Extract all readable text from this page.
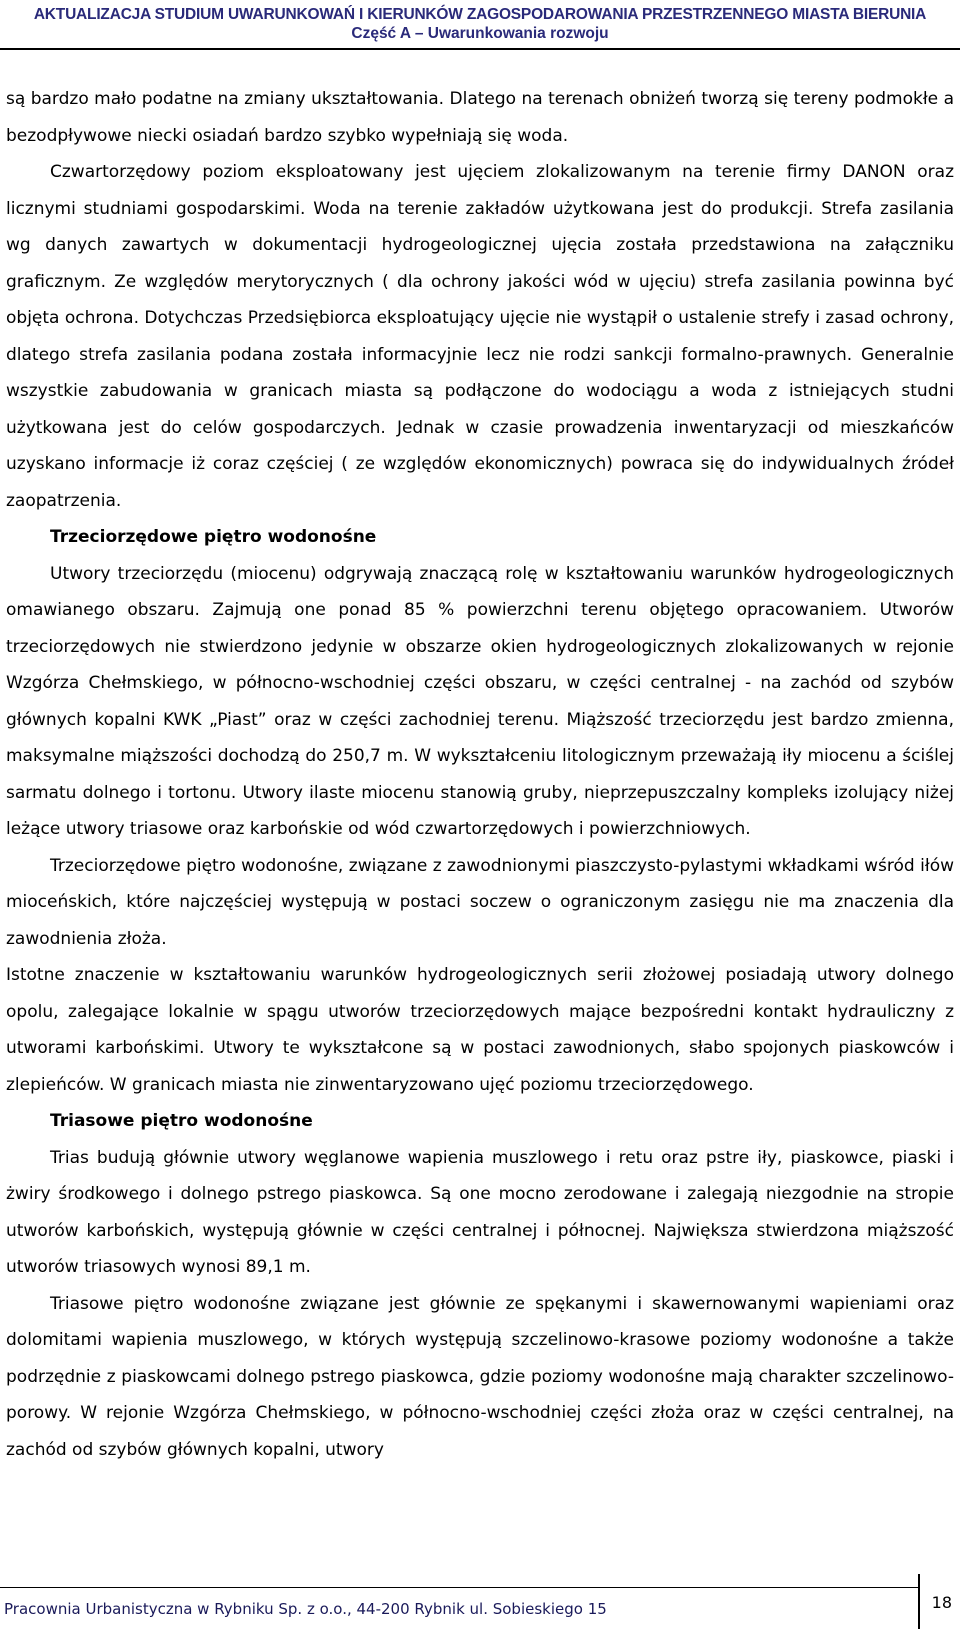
AKTUALIZACJA STUDIUM UWARUNKOWAŃ I KIERUNKÓW ZAGOSPODAROWANIA PRZESTRZENNEGO MIASTA BIERUNIA
Część A – Uwarunkowania rozwoju

są bardzo mało podatne na zmiany ukształtowania. Dlatego na terenach obniżeń tworzą się tereny podmokłe a bezodpływowe niecki osiadań bardzo szybko wypełniają się woda.

Czwartorzędowy poziom eksploatowany jest ujęciem zlokalizowanym na terenie firmy DANON oraz licznymi studniami gospodarskimi. Woda na terenie zakładów użytkowana jest do produkcji. Strefa zasilania wg danych zawartych w dokumentacji hydrogeologicznej ujęcia została przedstawiona na załączniku graficznym. Ze względów merytorycznych ( dla ochrony jakości wód w ujęciu) strefa zasilania powinna być objęta ochrona. Dotychczas Przedsiębiorca eksploatujący ujęcie nie wystąpił o ustalenie strefy i zasad ochrony, dlatego strefa zasilania podana została informacyjnie lecz nie rodzi sankcji formalno-prawnych. Generalnie wszystkie zabudowania w granicach miasta są podłączone do wodociągu a woda z istniejących studni użytkowana jest do celów gospodarczych. Jednak w czasie prowadzenia inwentaryzacji od mieszkańców uzyskano informacje iż coraz częściej ( ze względów ekonomicznych) powraca się do indywidualnych źródeł zaopatrzenia.

Trzeciorzędowe piętro wodonośne

Utwory trzeciorzędu (miocenu) odgrywają znaczącą rolę w kształtowaniu warunków hydrogeologicznych omawianego obszaru. Zajmują one ponad 85 % powierzchni terenu objętego opracowaniem. Utworów trzeciorzędowych nie stwierdzono jedynie w obszarze okien hydrogeologicznych zlokalizowanych w rejonie Wzgórza Chełmskiego, w północno-wschodniej części obszaru, w części centralnej - na zachód od szybów głównych kopalni KWK „Piast” oraz w części zachodniej terenu. Miąższość trzeciorzędu jest bardzo zmienna, maksymalne miąższości dochodzą do 250,7 m. W wykształceniu litologicznym przeważają iły miocenu a ściślej sarmatu dolnego i tortonu. Utwory ilaste miocenu stanowią gruby, nieprzepuszczalny kompleks izolujący niżej leżące utwory triasowe oraz karbońskie od wód czwartorzędowych i powierzchniowych.

Trzeciorzędowe piętro wodonośne, związane z zawodnionymi piaszczysto-pylastymi wkładkami wśród iłów mioceńskich, które najczęściej występują w postaci soczew o ograniczonym zasięgu nie ma znaczenia dla zawodnienia złoża.

Istotne znaczenie w kształtowaniu warunków hydrogeologicznych serii złożowej posiadają utwory dolnego opolu, zalegające lokalnie w spągu utworów trzeciorzędowych mające bezpośredni kontakt hydrauliczny z utworami karbońskimi. Utwory te wykształcone są w postaci zawodnionych, słabo spojonych piaskowców i zlepieńców. W granicach miasta nie zinwentaryzowano ujęć poziomu trzeciorzędowego.

Triasowe piętro wodonośne

Trias budują głównie utwory węglanowe wapienia muszlowego i retu oraz pstre iły, piaskowce, piaski i żwiry środkowego i dolnego pstrego piaskowca. Są one mocno zerodowane i zalegają niezgodnie na stropie utworów karbońskich, występują głównie w części centralnej i północnej. Największa stwierdzona miąższość utworów triasowych wynosi 89,1 m.

Triasowe piętro wodonośne związane jest głównie ze spękanymi i skawernowanymi wapieniami oraz dolomitami wapienia muszlowego, w których występują szczelinowo-krasowe poziomy wodonośne a także podrzędnie z piaskowcami dolnego pstrego piaskowca, gdzie poziomy wodonośne mają charakter szczelinowo-porowy. W rejonie Wzgórza Chełmskiego, w północno-wschodniej części złoża oraz w części centralnej, na zachód od szybów głównych kopalni, utwory

Pracownia Urbanistyczna w Rybniku Sp. z o.o., 44-200 Rybnik ul. Sobieskiego 15	18
